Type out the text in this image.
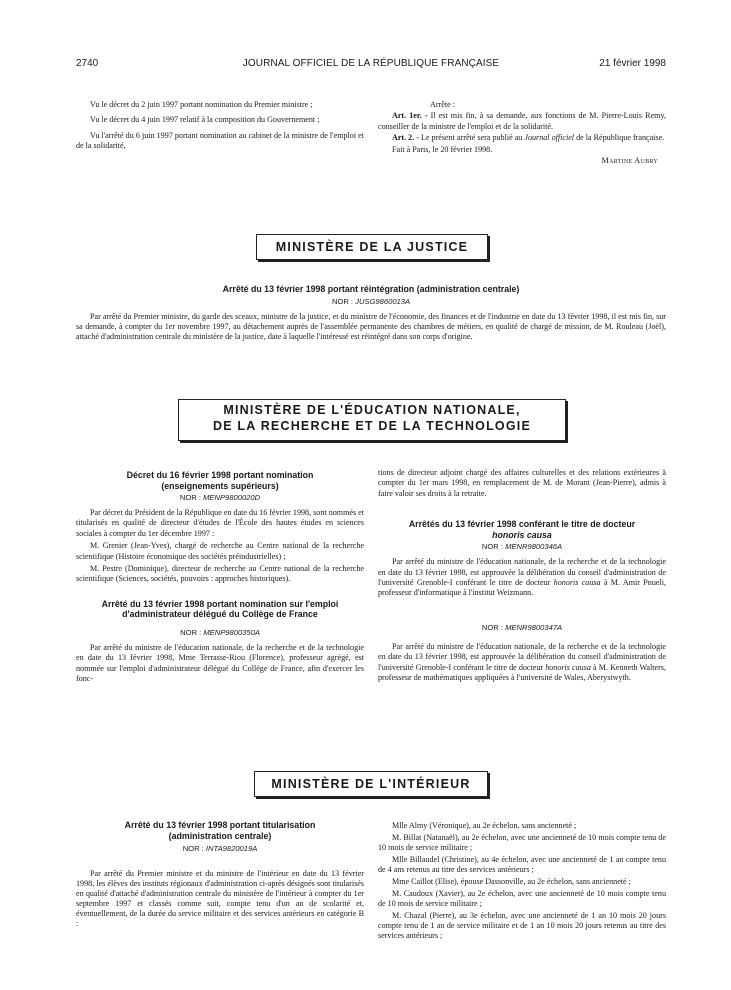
2740	JOURNAL OFFICIEL DE LA RÉPUBLIQUE FRANÇAISE	21 février 1998

Vu le décret du 2 juin 1997 portant nomination du Premier ministre ;

Vu le décret du 4 juin 1997 relatif à la composition du Gouvernement ;

Vu l'arrêté du 6 juin 1997 portant nomination au cabinet de la ministre de l'emploi et de la solidarité,

Arrête :

Art. 1er. - Il est mis fin, à sa demande, aux fonctions de M. Pierre-Louis Remy, conseiller de la ministre de l'emploi et de la solidarité.

Art. 2. - Le présent arrêté sera publié au Journal officiel de la République française.

Fait à Paris, le 20 février 1998.

Martine Aubry

MINISTÈRE DE LA JUSTICE
Arrêté du 13 février 1998 portant réintégration (administration centrale)
NOR : JUSG9860013A

Par arrêté du Premier ministre, du garde des sceaux, ministre de la justice, et du ministre de l'économie, des finances et de l'industrie en date du 13 février 1998, il est mis fin, sur sa demande, à compter du 1er novembre 1997, au détachement auprès de l'assemblée permanente des chambres de métiers, en qualité de chargé de mission, de M. Rouleau (Joël), attaché d'administration centrale du ministère de la justice, date à laquelle l'intéressé est réintégré dans son corps d'origine.

MINISTÈRE DE L'ÉDUCATION NATIONALE,
DE LA RECHERCHE ET DE LA TECHNOLOGIE
Décret du 16 février 1998 portant nomination (enseignements supérieurs)
NOR : MENP9800020D

Par décret du Président de la République en date du 16 février 1998, sont nommés et titularisés en qualité de directeur d'études de l'École des hautes études en sciences sociales à compter du 1er décembre 1997 :

M. Grenier (Jean-Yves), chargé de recherche au Centre national de la recherche scientifique (Histoire économique des sociétés préindustrielles) ;

M. Pestre (Dominique), directeur de recherche au Centre national de la recherche scientifique (Sciences, sociétés, pouvoirs : approches historiques).

Arrêté du 13 février 1998 portant nomination sur l'emploi d'administrateur délégué du Collège de France
NOR : MENP9800350A

Par arrêté du ministre de l'éducation nationale, de la recherche et de la technologie en date du 13 février 1998, Mme Terrasse-Riou (Florence), professeur agrégé, est nommée sur l'emploi d'administrateur délégué du Collège de France, afin d'exercer les fonc-

tions de directeur adjoint chargé des affaires culturelles et des relations extérieures à compter du 1er mars 1998, en remplacement de M. de Morant (Jean-Pierre), admis à faire valoir ses droits à la retraite.

Arrêtés du 13 février 1998 conférant le titre de docteur honoris causa
NOR : MENR9800346A

Par arrêté du ministre de l'éducation nationale, de la recherche et de la technologie en date du 13 février 1998, est approuvée la délibération du conseil d'administration de l'université Grenoble-I conférant le titre de docteur honoris causa à M. Amir Pnueli, professeur d'informatique à l'institut Weizmann.

NOR : MENR9800347A

Par arrêté du ministre de l'éducation nationale, de la recherche et de la technologie en date du 13 février 1998, est approuvée la délibération du conseil d'administration de l'université Grenoble-I conférant le titre de docteur honoris causa à M. Kenneth Walters, professeur de mathématiques appliquées à l'université de Wales, Aberystwyth.

MINISTÈRE DE L'INTÉRIEUR
Arrêté du 13 février 1998 portant titularisation (administration centrale)
NOR : INTA9820019A

Par arrêté du Premier ministre et du ministre de l'intérieur en date du 13 février 1998, les élèves des instituts régionaux d'administration ci-après désignés sont titularisés en qualité d'attaché d'administration centrale du ministère de l'intérieur à compter du 1er septembre 1997 et classés comme suit, compte tenu d'un an de scolarité et, éventuellement, de la durée du service militaire et des services antérieurs en catégorie B :

Mlle Almy (Véronique), au 2e échelon, sans ancienneté ;

M. Billat (Natanaël), au 2e échelon, avec une ancienneté de 10 mois compte tenu de 10 mois de service militaire ;

Mlle Billaudel (Christine), au 4e échelon, avec une ancienneté de 1 an compte tenu de 4 ans retenus au titre des services antérieurs ;

Mme Caillot (Elise), épouse Dassonville, au 2e échelon, sans ancienneté ;

M. Caudoux (Xavier), au 2e échelon, avec une ancienneté de 10 mois compte tenu de 10 mois de service militaire ;

M. Chazal (Pierre), au 3e échelon, avec une ancienneté de 1 an 10 mois 20 jours compte tenu de 1 an de service militaire et de 1 an 10 mois 20 jours retenus au titre des services antérieurs ;
